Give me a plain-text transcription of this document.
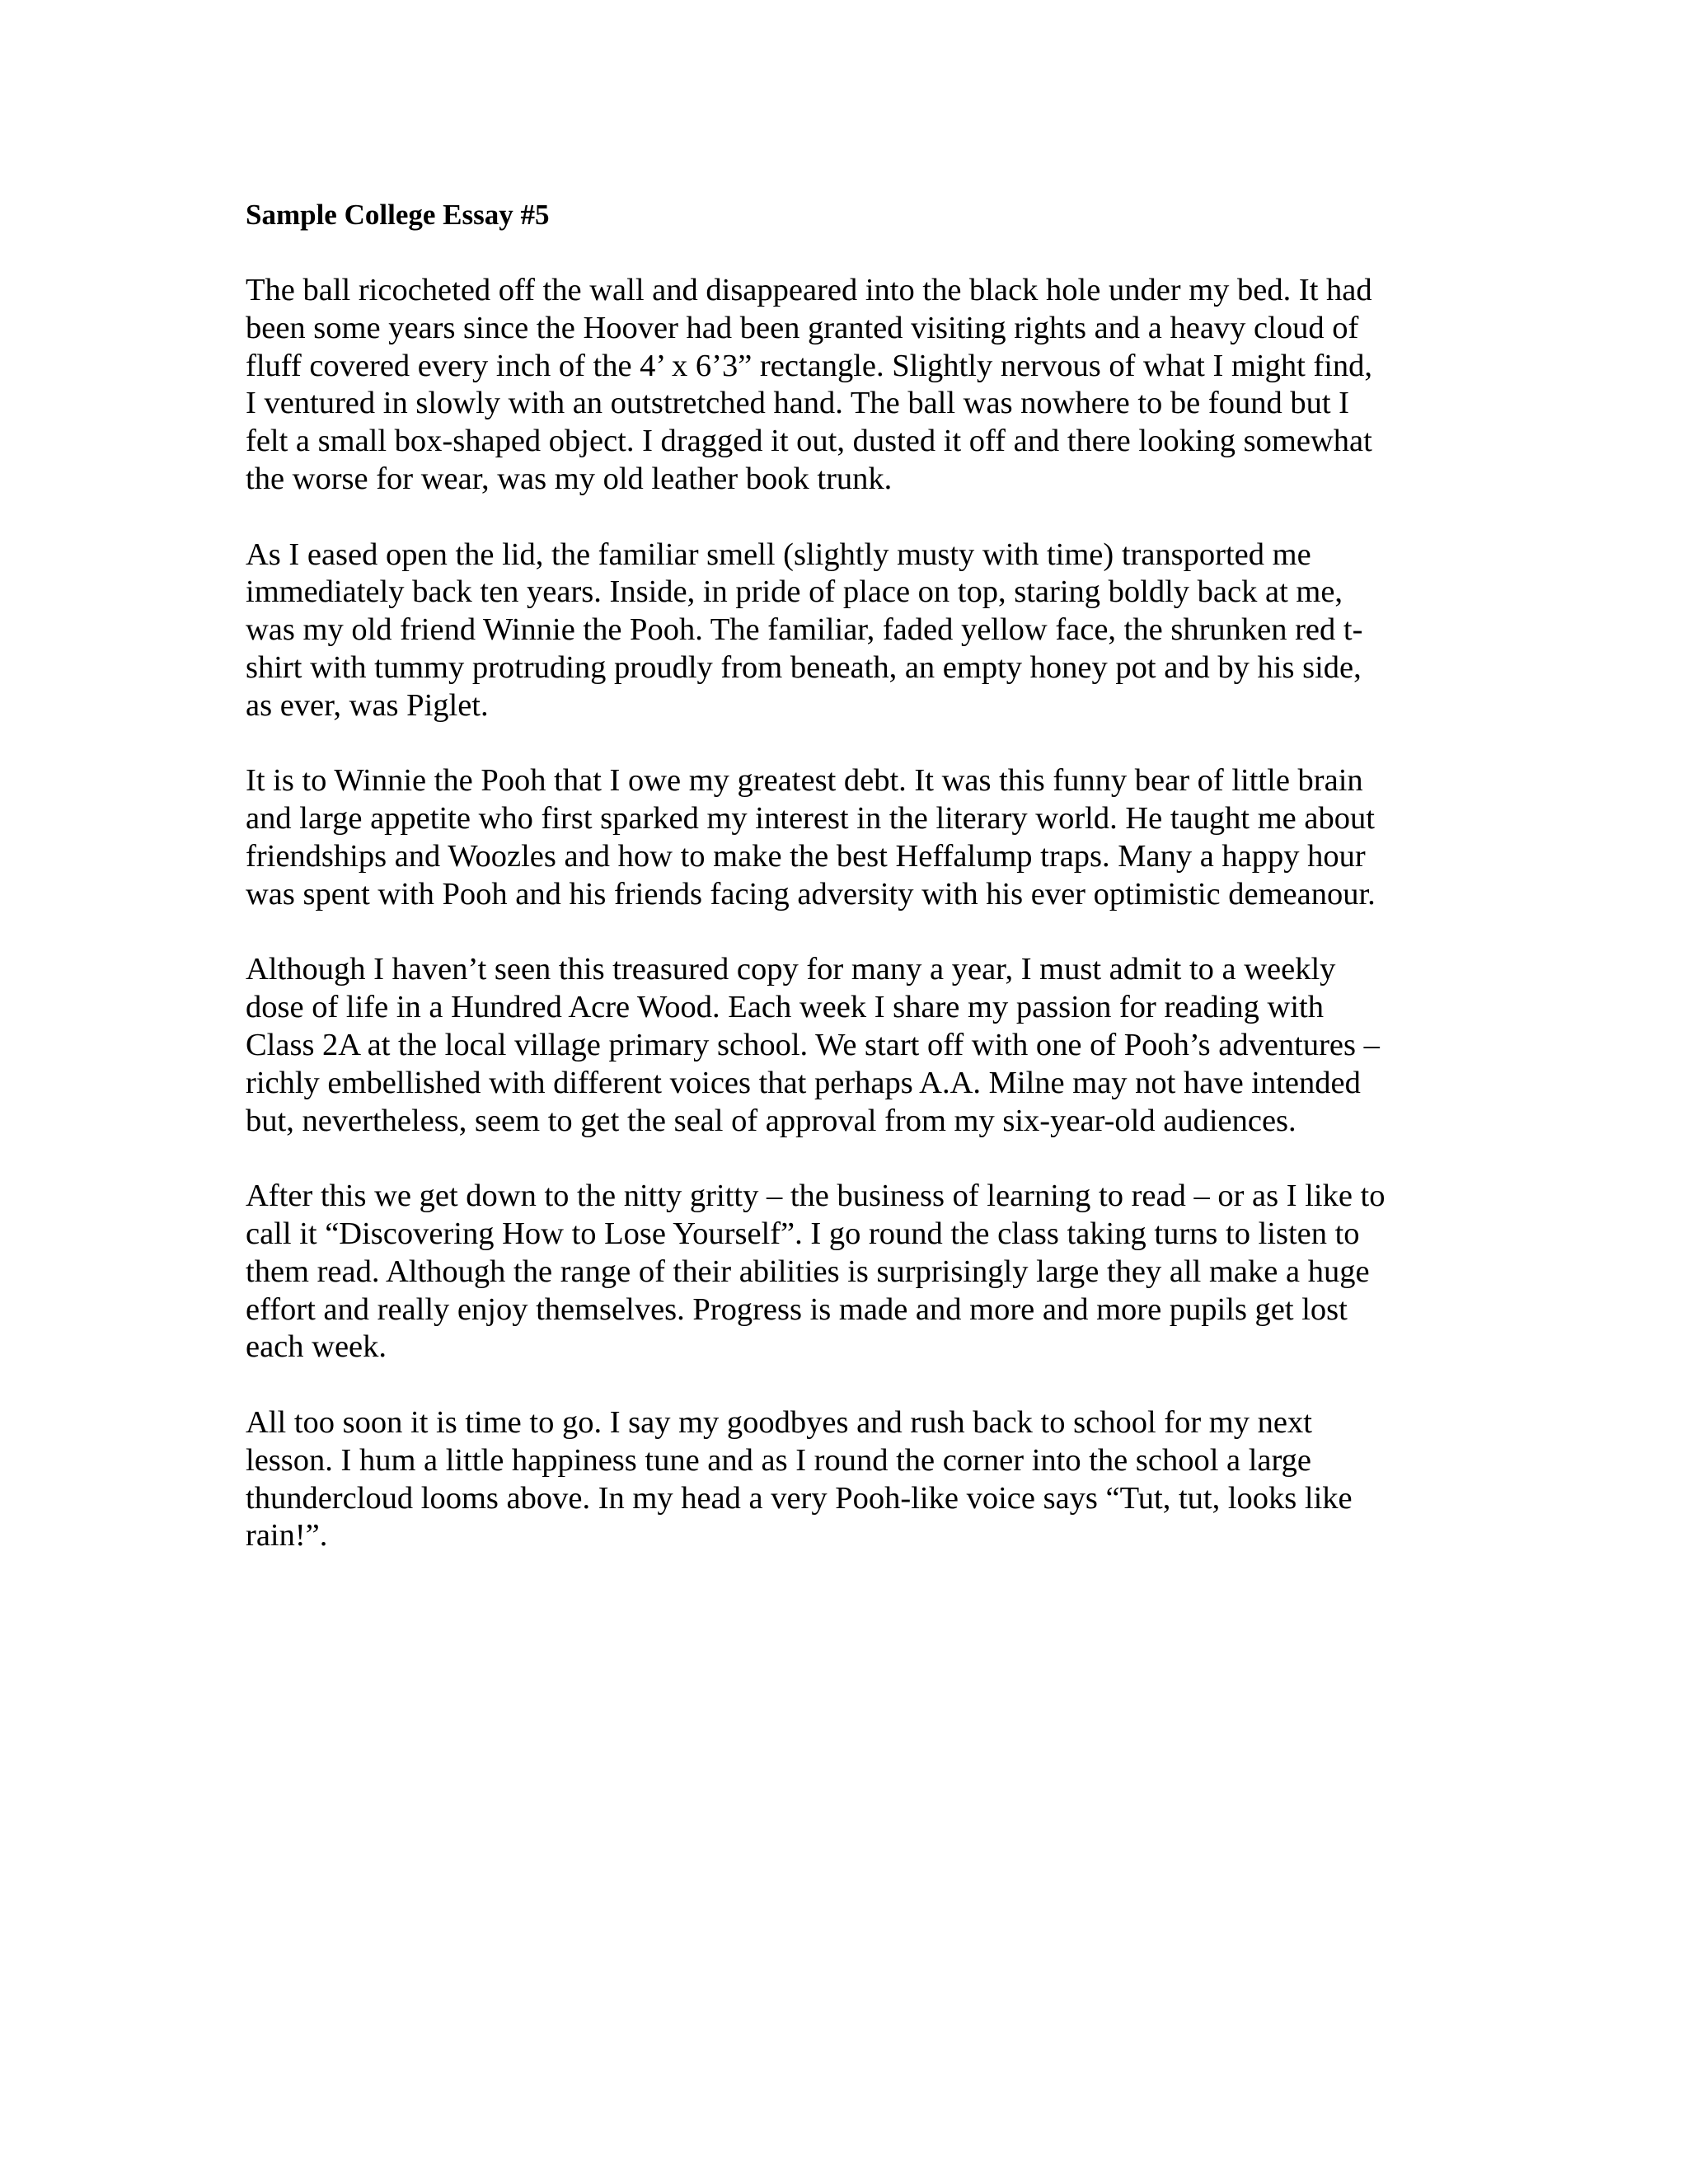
Sample College Essay #5
The ball ricocheted off the wall and disappeared into the black hole under my bed. It had
been some years since the Hoover had been granted visiting rights and a heavy cloud of
fluff covered every inch of the 4’ x 6’3” rectangle. Slightly nervous of what I might find,
I ventured in slowly with an outstretched hand. The ball was nowhere to be found but I
felt a small box-shaped object. I dragged it out, dusted it off and there looking somewhat
the worse for wear, was my old leather book trunk.
As I eased open the lid, the familiar smell (slightly musty with time) transported me
immediately back ten years. Inside, in pride of place on top, staring boldly back at me,
was my old friend Winnie the Pooh. The familiar, faded yellow face, the shrunken red t-
shirt with tummy protruding proudly from beneath, an empty honey pot and by his side,
as ever, was Piglet.
It is to Winnie the Pooh that I owe my greatest debt. It was this funny bear of little brain
and large appetite who first sparked my interest in the literary world. He taught me about
friendships and Woozles and how to make the best Heffalump traps. Many a happy hour
was spent with Pooh and his friends facing adversity with his ever optimistic demeanour.
Although I haven’t seen this treasured copy for many a year, I must admit to a weekly
dose of life in a Hundred Acre Wood. Each week I share my passion for reading with
Class 2A at the local village primary school. We start off with one of Pooh’s adventures –
richly embellished with different voices that perhaps A.A. Milne may not have intended
but, nevertheless, seem to get the seal of approval from my six-year-old audiences.
After this we get down to the nitty gritty – the business of learning to read – or as I like to
call it “Discovering How to Lose Yourself”. I go round the class taking turns to listen to
them read. Although the range of their abilities is surprisingly large they all make a huge
effort and really enjoy themselves. Progress is made and more and more pupils get lost
each week.
All too soon it is time to go. I say my goodbyes and rush back to school for my next
lesson. I hum a little happiness tune and as I round the corner into the school a large
thundercloud looms above. In my head a very Pooh-like voice says “Tut, tut, looks like
rain!”.
